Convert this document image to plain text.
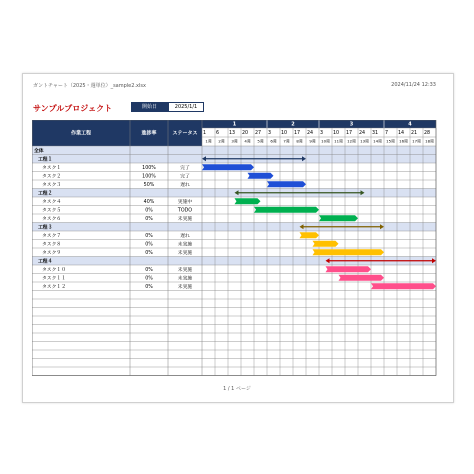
ガントチャート（2025・週単位）_sample2.xlsx	2024/11/24 12:33
サンプルプロジェクト	開始日	2025/1/1
作業工程	進捗率	ステータス
1	2	3	4
1 6 13 20 27 3 10 17 24 3 10 17 24 31 7 14 21 28
1週 2週 3週 4週 5週 6週 7週 8週 9週 10週 11週 12週 13週 14週 15週 16週 17週 18週
全体
工程１
タスク１	100%	完了
タスク２	100%	完了
タスク３	50%	遅れ
工程２
タスク４	40%	実施中
タスク５	0%	TODO
タスク６	0%	未実施
工程３
タスク７	0%	遅れ
タスク８	0%	未実施
タスク９	0%	未実施
工程４
タスク１０	0%	未実施
タスク１１	0%	未実施
タスク１２	0%	未実施
1 / 1 ページ
